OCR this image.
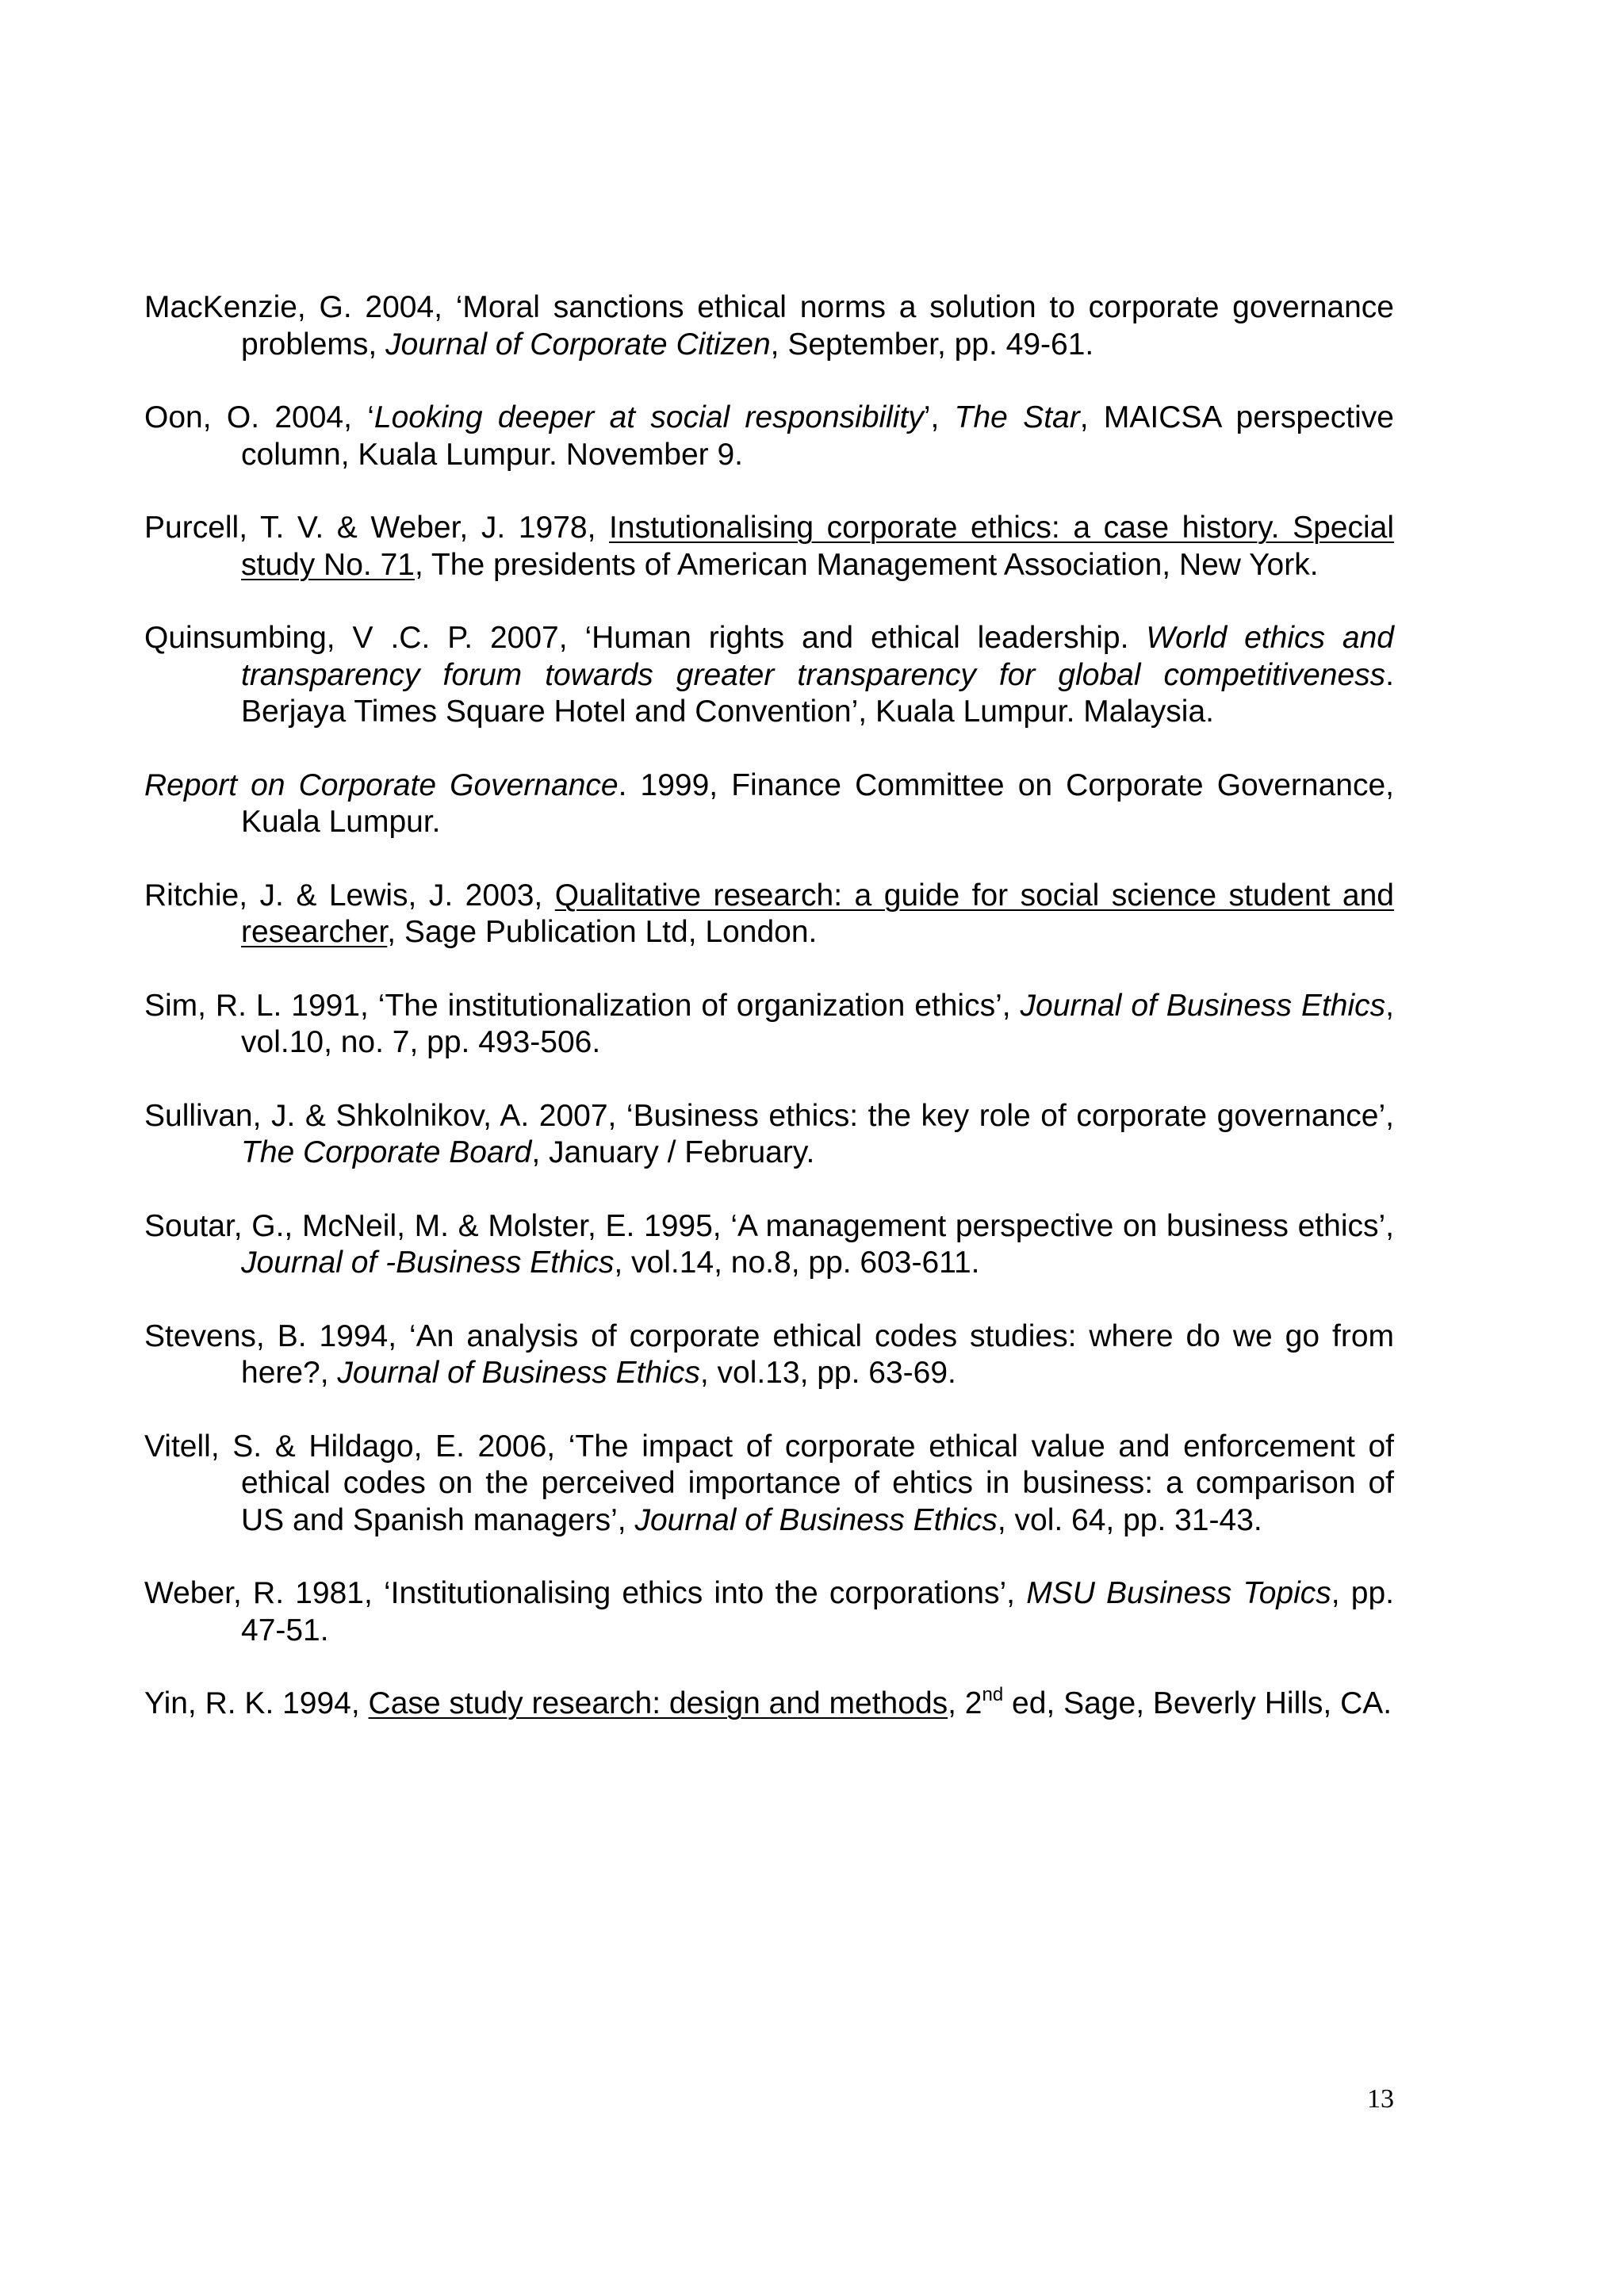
MacKenzie, G. 2004, ‘Moral sanctions ethical norms a solution to corporate governance problems, Journal of Corporate Citizen, September, pp. 49-61.

Oon, O. 2004, ‘Looking deeper at social responsibility’, The Star, MAICSA perspective column, Kuala Lumpur. November 9.

Purcell, T. V. & Weber, J. 1978, Instutionalising corporate ethics: a case history. Special study No. 71, The presidents of American Management Association, New York.

Quinsumbing, V .C. P. 2007, ‘Human rights and ethical leadership. World ethics and transparency forum towards greater transparency for global competitiveness. Berjaya Times Square Hotel and Convention’, Kuala Lumpur. Malaysia.

Report on Corporate Governance. 1999, Finance Committee on Corporate Governance, Kuala Lumpur.

Ritchie, J. & Lewis, J. 2003, Qualitative research: a guide for social science student and researcher, Sage Publication Ltd, London.

Sim, R. L. 1991, ‘The institutionalization of organization ethics’, Journal of Business Ethics, vol.10, no. 7, pp. 493-506.

Sullivan, J. & Shkolnikov, A. 2007, ‘Business ethics: the key role of corporate governance’, The Corporate Board, January / February.

Soutar, G., McNeil, M. & Molster, E. 1995, ‘A management perspective on business ethics’, Journal of -Business Ethics, vol.14, no.8, pp. 603-611.

Stevens, B. 1994, ‘An analysis of corporate ethical codes studies: where do we go from here?, Journal of Business Ethics, vol.13, pp. 63-69.

Vitell, S. & Hildago, E. 2006, ‘The impact of corporate ethical value and enforcement of ethical codes on the perceived importance of ehtics in business: a comparison of US and Spanish managers’, Journal of Business Ethics, vol. 64, pp. 31-43.

Weber, R. 1981, ‘Institutionalising ethics into the corporations’, MSU Business Topics, pp. 47-51.

Yin, R. K. 1994, Case study research: design and methods, 2nd ed, Sage, Beverly Hills, CA.

13
